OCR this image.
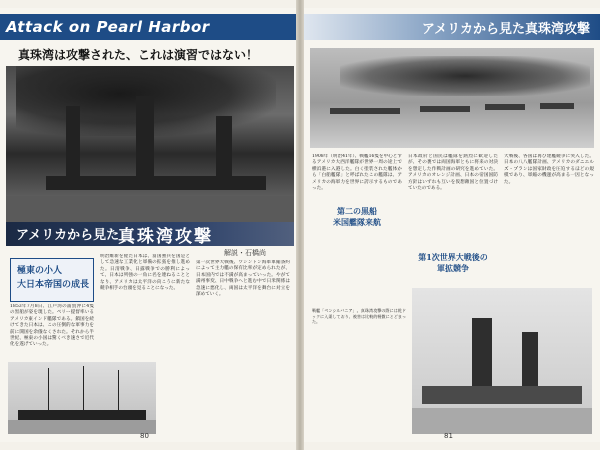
Attack on Pearl Harbor
真珠湾は攻撃された、これは演習ではない！
アメリカから見た
真珠湾攻撃
解説・石橋尚
極東の小人
大日本帝国の成長
1853年7月8日、江戸湾の浦賀沖に4隻の黒船が姿を現した。ペリー提督率いるアメリカ東インド艦隊である。鎖国を続けてきた日本は、この圧倒的な軍事力を前に開国を余儀なくされた。それから半世紀、極東の小国は驚くべき速さで近代化を遂げていった。
明治維新を経た日本は、富国強兵を国是として急速な工業化と軍備の拡張を推し進めた。日清戦争、日露戦争での勝利によって、日本は列強の一角に名を連ねることとなり、アメリカは太平洋の向こうに新たな競争相手の台頭を見ることになった。
第一次世界大戦後、ワシントン海軍軍縮条約によって主力艦の保有比率が定められたが、日本国内では不満が高まっていった。やがて満州事変、日中戦争へと進む中で日米関係は急速に悪化し、両国は太平洋を舞台に対立を深めていく。
80
アメリカから見た真珠湾攻撃
1908年（明治41年）、戦艦16隻を中心とするアメリカ大西洋艦隊が世界一周の途上で横浜港に入港した。白く塗装された艦体から「白船艦隊」と呼ばれたこの艦隊は、アメリカの海軍力を世界に誇示するものであった。
日本政府と国民は艦隊を熱烈に歓迎したが、その裏では両国海軍ともに将来の対決を想定した作戦計画の研究を進めていた。アメリカのオレンジ計画、日本の帝国国防方針はいずれも互いを仮想敵国と位置づけていたのである。
大戦後、各国は再び建艦競争に突入した。日本の八八艦隊計画、アメリカのダニエルズ・プランは国家財政を圧迫するほどの規模であり、軍縮の機運が高まる一因となった。
第二の黒船
米国艦隊来航
第1次世界大戦後の
軍拡競争
戦艦「ペンシルバニア」。真珠湾攻撃の際には乾ドックに入渠しており、被害は比較的軽微にとどまった。
81
